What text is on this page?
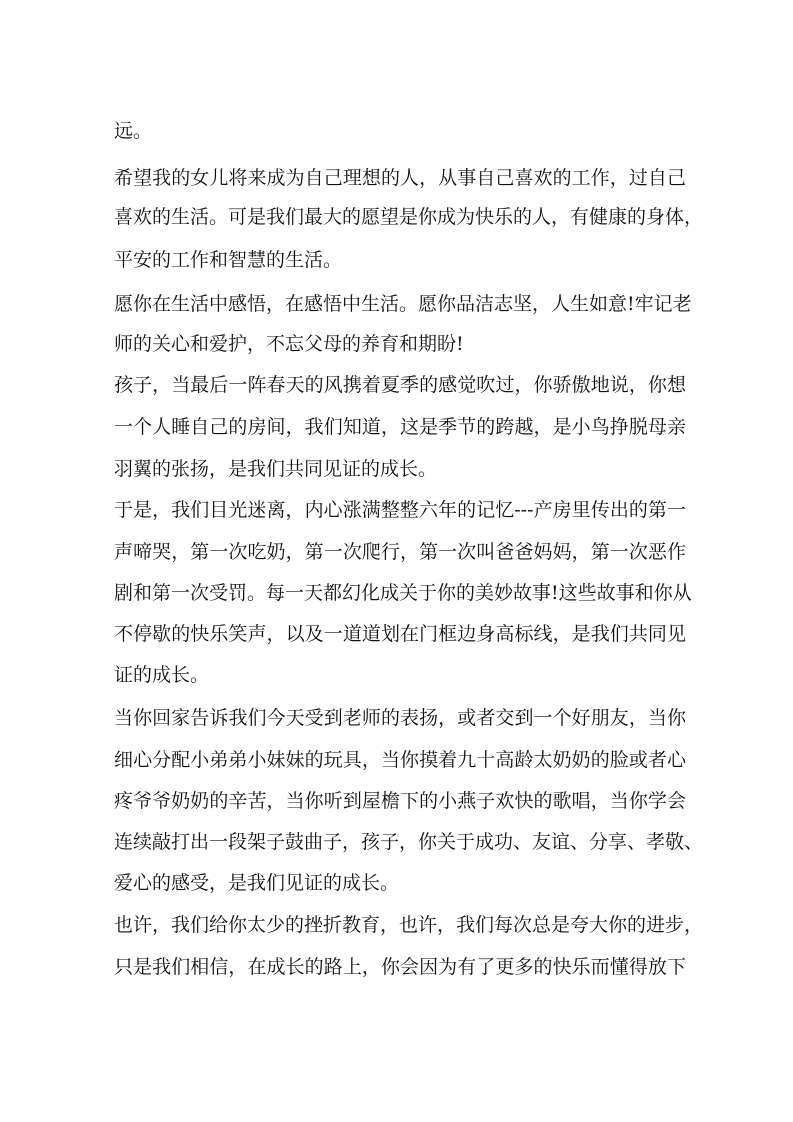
远。
希望我的女儿将来成为自己理想的人，从事自己喜欢的工作，过自己
喜欢的生活。可是我们最大的愿望是你成为快乐的人，有健康的身体，
平安的工作和智慧的生活。
愿你在生活中感悟，在感悟中生活。愿你品洁志坚，人生如意!牢记老
师的关心和爱护，不忘父母的养育和期盼!
孩子，当最后一阵春天的风携着夏季的感觉吹过，你骄傲地说，你想
一个人睡自己的房间，我们知道，这是季节的跨越，是小鸟挣脱母亲
羽翼的张扬，是我们共同见证的成长。
于是，我们目光迷离，内心涨满整整六年的记忆---产房里传出的第一
声啼哭，第一次吃奶，第一次爬行，第一次叫爸爸妈妈，第一次恶作
剧和第一次受罚。每一天都幻化成关于你的美妙故事!这些故事和你从
不停歇的快乐笑声，以及一道道划在门框边身高标线，是我们共同见
证的成长。
当你回家告诉我们今天受到老师的表扬，或者交到一个好朋友，当你
细心分配小弟弟小妹妹的玩具，当你摸着九十高龄太奶奶的脸或者心
疼爷爷奶奶的辛苦，当你听到屋檐下的小燕子欢快的歌唱，当你学会
连续敲打出一段架子鼓曲子，孩子，你关于成功、友谊、分享、孝敬、
爱心的感受，是我们见证的成长。
也许，我们给你太少的挫折教育，也许，我们每次总是夸大你的进步，
只是我们相信，在成长的路上，你会因为有了更多的快乐而懂得放下
